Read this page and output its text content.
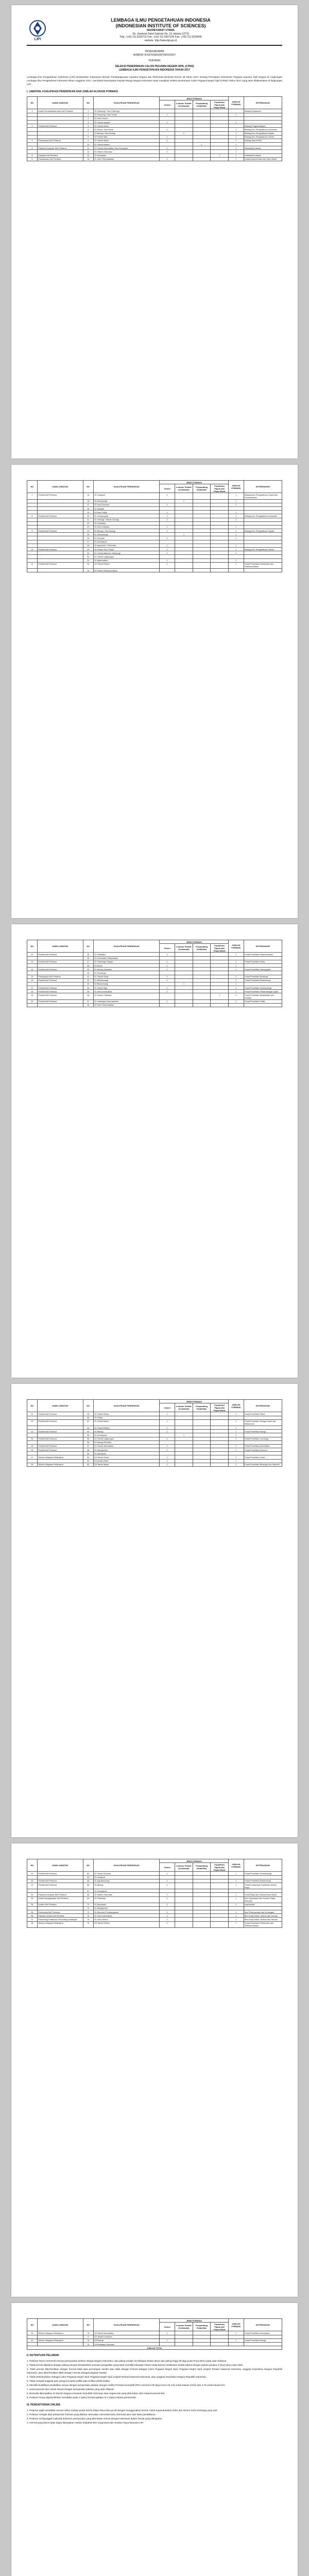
LIPI
LEMBAGA ILMU PENGETAHUAN INDONESIA
(INDONESIAN INSTITUTE OF SCIENCES)
SEKRETARIAT UTAMA
Jln. Jenderal Gatot Subroto No. 10 Jakarta 12710
Telp.: (+62 21) 5225711 Fax.: (+62 21) 5207226 Fax.: (+62 21) 5225640
website: http://www.lipi.go.id
PENGUMUMAN
NOMOR: B-6370/SES/KP.00/IX/2017
TENTANG
SELEKSI PENERIMAAN CALON PEGAWAI NEGERI SIPIL (CPNS)
LEMBAGA ILMU PENGETAHUAN INDONESIA TAHUN 2017
Lembaga Ilmu Pengetahuan Indonesia (LIPI) berdasarkan Keputusan Menteri Pendayagunaan Aparatur Negara dan Reformasi Birokrasi Nomor 48 Tahun 2017 tentang Penetapan Kebutuhan Pegawai Aparatur Sipil Negara di Lingkungan Lembaga Ilmu Pengetahuan Indonesia Tahun Anggaran 2017, membuka kesempatan kepada Warga Negara Indonesia untuk mengikuti seleksi penerimaan Calon Pegawai Negeri Sipil (CPNS) Tahun 2017 yang akan dilaksanakan di lingkungan LIPI.
I. JABATAN, KUALIFIKASI PENDIDIKAN DAN JUMLAH ALOKASI FORMASI
NO	NAMA JABATAN	NO	KUALIFIKASI PENDIDIKAN	JENIS FORMASI				JUMLAH FORMASI	KETERANGAN
				Umum	Lulusan Terbaik (Cumlaude)	Penyandang Disabilitas	Putra/Putri Papua dan Papua Barat		
1	Analis Pemanfaatan Iptek Ahli Pertama	1	S1 Psikologi / Ilmu Psikologi						Bidang Kerjasama
		2	S1 Sosiologi / Ilmu Sosial	1				1	
		3	S1 Ilmu Hukum						
		4	S1 Teknik Industri	1				1	
2	Peneliti Ahli Pertama	5	S1 Teknik Kimia						Bidang Pengembangan
		6	S1 Kimia / Ilmu Kimia	1				1	Bidang Ilmu Pengetahuan Kebumian
		7	S2 Biologi / Ilmu Biologi		1			1	Bidang Ilmu Pengetahuan Hayati
		8	S2 Teknik Sipil	1				1	Bidang Ilmu Pengetahuan Teknik
3	Perekayasa Ahli Pertama	9	S1 Teknik Mesin	1				1	Bidang Jasa Ilmiah
		10	S1 Teknik Elektro			1		1	
4	Pranata Komputer Ahli Pertama	11	S1 Teknik Informatika / Ilmu Komputer	1				1	Sekretariat Utama
		12	S1 Sistem Informasi	1				1	
5	Arsiparis Ahli Pertama	13	S1 Kearsipan				1	1	Sekretariat Utama
6	Pustakawan Ahli Pertama	14	S1 Ilmu Perpustakaan	1				1	Pusat Dokumentasi dan Data Ilmiah
NO	NAMA JABATAN	NO	KUALIFIKASI PENDIDIKAN	JENIS FORMASI				JUMLAH FORMASI	KETERANGAN
				Umum	Lulusan Terbaik (Cumlaude)	Penyandang Disabilitas	Putra/Putri Papua dan Papua Barat		
7	Peneliti Ahli Pertama	15	S1 Geografi	1				1	Bidang Ilmu Pengetahuan Sosial dan Kemanusiaan
		16	S1 Antropologi		1			1	
		17	S1 Ilmu Ekonomi	1				1	
		18	S1 Sejarah						
		19	S2 Ilmu Politik	1				1	
8	Peneliti Ahli Pertama	20	S1 Oseanografi	1				1	Bidang Ilmu Pengetahuan Kebumian
		21	S1 Geologi / Teknik Geologi	1				1	
		22	S1 Geofisika						
		23	S1 Ilmu Kelautan	1				1	
9	Peneliti Ahli Pertama	24	S1 Biologi / Ilmu Biologi	1				1	Bidang Ilmu Pengetahuan Hayati
		25	S1 Mikrobiologi		1			1	
		26	S1 Farmasi	1				1	
		27	S1 Kehutanan						
		28	S1 Agronomi / Pertanian	1				1	
10	Peneliti Ahli Pertama	29	S1 Fisika / Ilmu Fisika	1				1	Bidang Ilmu Pengetahuan Teknik
		30	S1 Teknik Material / Metalurgi	1				1	
		31	S1 Teknik Lingkungan						
		32	S1 Matematika	1				1	
11	Peneliti Ahli Pertama	33	S2 Teknik Elektro	1				1	Pusat Penelitian Elektronika dan Telekomunikasi
		34	S2 Teknik Telekomunikasi						
NO	NAMA JABATAN	NO	KUALIFIKASI PENDIDIKAN	JENIS FORMASI				JUMLAH FORMASI	KETERANGAN
				Umum	Lulusan Terbaik (Cumlaude)	Penyandang Disabilitas	Putra/Putri Papua dan Papua Barat		
12	Peneliti Ahli Pertama	35	S1 Statistika	1				1	Pusat Penelitian Kependudukan
		36	S1 Kesehatan Masyarakat						
13	Peneliti Ahli Pertama	37	S1 Teknologi Pangan	1				1	Pusat Penelitian Kimia
		38	S2 Kimia	1				1	
14	Peneliti Ahli Pertama	39	S1 Biologi Kelautan	1				1	Pusat Penelitian Oseanografi
		40	S1 Perikanan						
15	Perekayasa Ahli Pertama	41	S1 Teknik Kimia	1				1	Pusat Penelitian Metalurgi
16	Peneliti Ahli Pertama	42	S1 Bioteknologi	1				1	Pusat Penelitian Bioteknologi
		43	S2 Bioteknologi		1			1	
17	Peneliti Ahli Pertama	44	S1 Teknik Sipil	1				1	Pusat Penelitian Geoteknologi
18	Peneliti Ahli Pertama	45	S1 Ilmu Komunikasi	1				1	Pusat Penelitian Perkembangan Iptek
19	Peneliti Ahli Pertama	46	S1 Sastra / Bahasa				1	1	Pusat Penelitian Masyarakat dan Budaya
20	Peneliti Ahli Pertama	47	S1 Hubungan Internasional	1				1	Pusat Penelitian Politik
		48	S2 Ilmu Pemerintahan						
NO	NAMA JABATAN	NO	KUALIFIKASI PENDIDIKAN	JENIS FORMASI				JUMLAH FORMASI	KETERANGAN
				Umum	Lulusan Terbaik (Cumlaude)	Penyandang Disabilitas	Putra/Putri Papua dan Papua Barat		
21	Peneliti Ahli Pertama	49	S1 Teknik Fisika	1				1	Pusat Penelitian Fisika
		50	S1 Fisika						
22	Peneliti Ahli Pertama	51	S1 Teknik Mesin	1				1	Pusat Penelitian Tenaga Listrik dan Mekatronik
		52	S1 Teknik Elektro	1				1	
23	Peneliti Ahli Pertama	53	S1 Biologi	1				1	Pusat Penelitian Biologi
		54	S1 Kehutanan		1			1	
24	Peneliti Ahli Pertama	55	S1 Teknik Lingkungan	1				1	Pusat Penelitian Limnologi
		56	S1 Biologi Perairan						
25	Peneliti Ahli Pertama	57	S1 Teknik Informatika	1				1	Pusat Penelitian Informatika
26	Peneliti Ahli Pertama	58	S1 Manajemen	1				1	Pusat Penelitian Ekonomi
		59	S1 Akuntansi						
27	Teknisi Litkayasa Pelaksana	60	D3 Teknik Kimia	1				1	Pusat Penelitian Kimia
		61	D3 Analis Kimia	1				1	
28	Teknisi Litkayasa Pelaksana	62	D3 Teknik Mesin	1				1	Pusat Penelitian Metalurgi dan Material
NO	NAMA JABATAN	NO	KUALIFIKASI PENDIDIKAN	JENIS FORMASI				JUMLAH FORMASI	KETERANGAN
				Umum	Lulusan Terbaik (Cumlaude)	Penyandang Disabilitas	Putra/Putri Papua dan Papua Barat		
29	Peneliti Ahli Pertama	63	S1 Teknik Geodesi	1				1	Pusat Penelitian Geoteknologi
		64	S1 Geografi						
30	Peneliti Ahli Pertama	65	S1 Agroteknologi	1				1	Pusat Penelitian Bioteknologi
31	Peneliti Ahli Pertama	66	S1 Biologi	1				1	Pusat Konservasi Tumbuhan Kebun Raya
		67	S1 Kehutanan						
32	Pranata Komputer Ahli Pertama	68	S1 Sistem Informasi	1				1	Pusat Data dan Dokumentasi Ilmiah
33	Analis Kepegawaian Ahli Pertama	69	S1 Psikologi	1				1	Biro Organisasi dan Sumber Daya Manusia
34	Auditor Ahli Pertama	70	S1 Akuntansi	1				1	Inspektorat
		71	S1 Manajemen						
35	Perencana Ahli Pertama	72	S1 Ekonomi Pembangunan	1				1	Biro Perencanaan dan Keuangan
36	Pranata Humas Ahli Pertama	73	S1 Ilmu Komunikasi	1				1	Biro Kerja Sama, Hukum dan Humas
37	Perancang Peraturan Perundang-undangan	74	S1 Ilmu Hukum	1				1	Biro Kerja Sama, Hukum dan Humas
38	Teknisi Litkayasa Pelaksana	75	D3 Teknik Elektro	1				1	Pusat Penelitian Elektronika dan Telekomunikasi
NO	NAMA JABATAN	NO	KUALIFIKASI PENDIDIKAN	JENIS FORMASI				JUMLAH FORMASI	KETERANGAN
				Umum	Lulusan Terbaik (Cumlaude)	Penyandang Disabilitas	Putra/Putri Papua dan Papua Barat		
39	Teknisi Litkayasa Pelaksana	76	D3 Teknik Informatika	1				1	Pusat Penelitian Informatika
		77	D3 Teknik Komputer						
40	Teknisi Litkayasa Pelaksana	78	D3 Biologi	1				1	Pusat Penelitian Biologi
		79	D3 Budidaya Tanaman						
JUMLAH TOTAL									
II. KETENTUAN PELAMAR
1. Pelamar harus memenuhi semua persyaratan berikut: Warga Negara Indonesia; usia paling rendah 18 (delapan belas) tahun dan paling tinggi 35 (tiga puluh lima) tahun pada saat melamar.
2. Tidak pernah dipidana dengan pidana penjara berdasarkan putusan pengadilan yang telah memiliki kekuatan hukum tetap karena melakukan tindak pidana dengan pidana penjara 2 (dua) tahun atau lebih.
3. Tidak pernah diberhentikan dengan hormat tidak atas permintaan sendiri atau tidak dengan hormat sebagai Calon Pegawai Negeri Sipil, Pegawai Negeri Sipil, prajurit Tentara Nasional Indonesia, anggota Kepolisian Negara Republik Indonesia, atau diberhentikan tidak dengan hormat sebagai pegawai swasta.
4. Tidak berkedudukan sebagai Calon Pegawai Negeri Sipil, Pegawai Negeri Sipil, prajurit Tentara Nasional Indonesia, atau anggota Kepolisian Negara Republik Indonesia.
5. Tidak menjadi anggota atau pengurus partai politik atau terlibat politik praktis.
6. Memiliki kualifikasi pendidikan sesuai dengan persyaratan jabatan dengan Indeks Prestasi Kumulatif (IPK) minimal 3,00 (tiga koma nol nol) untuk lulusan S1/S2 dan 2,75 untuk lulusan D3.
7. Sehat jasmani dan rohani sesuai dengan persyaratan jabatan yang akan dilamar.
8. Bersedia ditempatkan di seluruh Negara Kesatuan Republik Indonesia atau negara lain yang ditentukan oleh instansi pemerintah.
9. Pelamar hanya diperbolehkan mendaftar pada 1 (satu) formasi jabatan di 1 (satu) instansi pemerintah.
III. PENDAFTARAN ONLINE
1. Pelamar wajib mendaftar secara online melalui portal SSCN (https://sscn.bkn.go.id) dengan menggunakan Nomor Induk Kependudukan (NIK) dan Nomor Kartu Keluarga yang sah.
2. Pelamar mengisi data pribadi dan formasi yang dilamar, kemudian mencetak kartu informasi akun dan kartu pendaftaran.
3. Pelamar mengunggah (upload) dokumen persyaratan yang ditentukan sesuai dengan ketentuan dalam format yang ditetapkan.
4. Hal-hal yang belum jelas dapat ditanyakan melalui helpdesk Biro Organisasi dan Sumber Daya Manusia LIPI.
